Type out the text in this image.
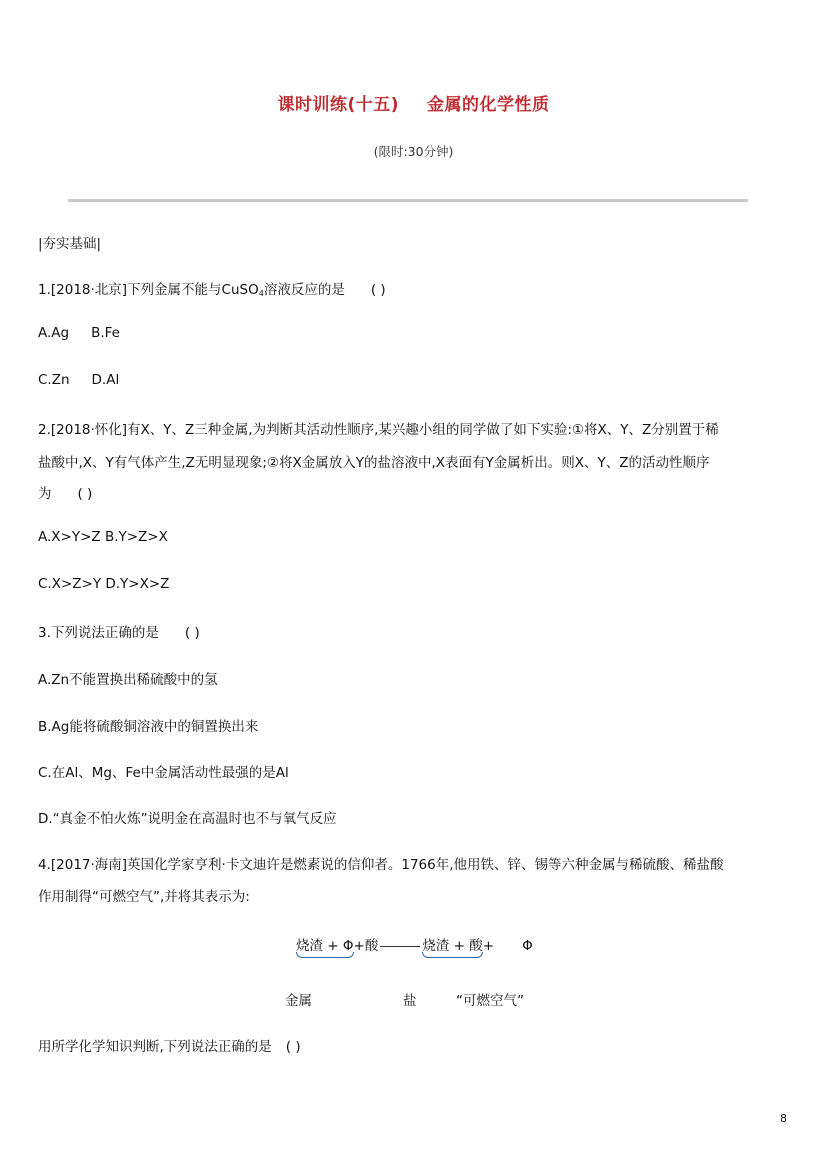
课时训练(十五) 金属的化学性质
(限时:30分钟)
|夯实基础|
1.[2018·北京]下列金属不能与CuSO$_4$溶液反应的是 ( )
A.Ag B.Fe
C.Zn D.Al
2.[2018·怀化]有X、Y、Z三种金属,为判断其活动性顺序,某兴趣小组的同学做了如下实验:①将X、Y、Z分别置于稀
盐酸中,X、Y有气体产生,Z无明显现象;②将X金属放入Y的盐溶液中,X表面有Y金属析出。则X、Y、Z的活动性顺序
为 ( )
A.X>Y>Z B.Y>Z>X
C.X>Z>Y D.Y>X>Z
3.下列说法正确的是 ( )
A.Zn不能置换出稀硫酸中的氢
B.Ag能将硫酸铜溶液中的铜置换出来
C.在Al、Mg、Fe中金属活动性最强的是Al
D.“真金不怕火炼”说明金在高温时也不与氧气反应
4.[2017·海南]英国化学家亨利·卡文迪许是燃素说的信仰者。1766年,他用铁、锌、锡等六种金属与稀硫酸、稀盐酸
作用制得“可燃空气”,并将其表示为:
烧渣 + Φ+酸	烧渣 + 酸+ Φ
金属	盐	“可燃空气”
用所学化学知识判断,下列说法正确的是 ( )
8
